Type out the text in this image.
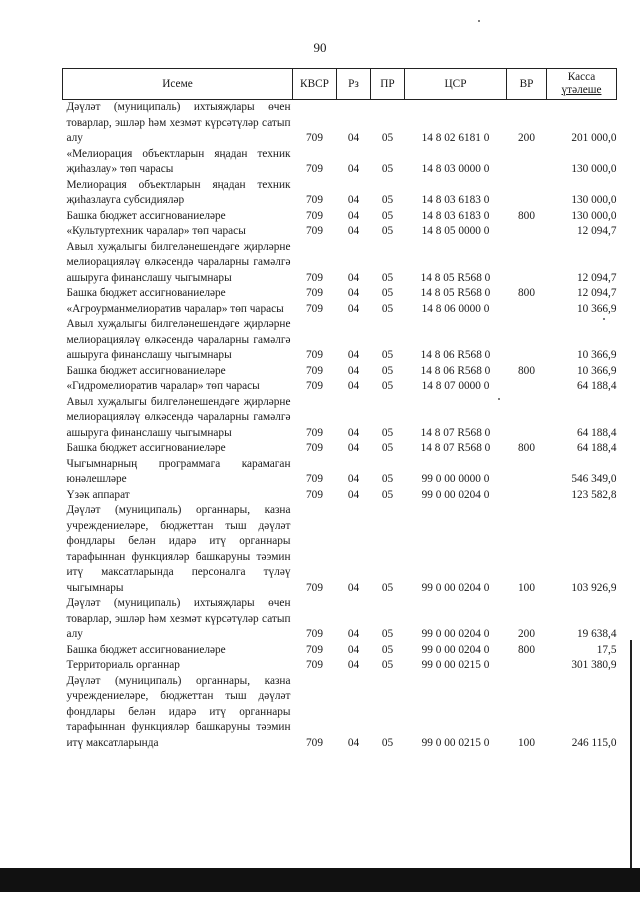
90
Исеме	КВСР	Рз	ПР	ЦСР	ВР	Касса
үтәлеше
Дәүләт (муниципаль) ихтыяҗлары өчен товарлар, эшләр һәм хезмәт күрсәтүләр сатып алу	709	04	05	14 8 02 6181 0	200	201 000,0
«Мелиорация объектларын яңадан техник җиһазлау» төп чарасы	709	04	05	14 8 03 0000 0		130 000,0
Мелиорация объектларын яңадан техник җиһазлауга субсидияләр	709	04	05	14 8 03 6183 0		130 000,0
Башка бюджет ассигнованиеләре	709	04	05	14 8 03 6183 0	800	130 000,0
«Культуртехник чаралар» төп чарасы	709	04	05	14 8 05 0000 0		12 094,7
Авыл хуҗалыгы билгеләнешендәге җирләрне мелиорацияләү өлкәсендә чараларны гамәлгә ашыруга финанслашу чыгымнары	709	04	05	14 8 05 R568 0		12 094,7
Башка бюджет ассигнованиеләре	709	04	05	14 8 05 R568 0	800	12 094,7
«Агроурманмелиоратив чаралар» төп чарасы	709	04	05	14 8 06 0000 0		10 366,9
Авыл хуҗалыгы билгеләнешендәге җирләрне мелиорацияләү өлкәсендә чараларны гамәлгә ашыруга финанслашу чыгымнары	709	04	05	14 8 06 R568 0		10 366,9
Башка бюджет ассигнованиеләре	709	04	05	14 8 06 R568 0	800	10 366,9
«Гидромелиоратив чаралар» төп чарасы	709	04	05	14 8 07 0000 0		64 188,4
Авыл хуҗалыгы билгеләнешендәге җирләрне мелиорацияләү өлкәсендә чараларны гамәлгә ашыруга финанслашу чыгымнары	709	04	05	14 8 07 R568 0		64 188,4
Башка бюджет ассигнованиеләре	709	04	05	14 8 07 R568 0	800	64 188,4
Чыгымнарның программага карамаган юнәлешләре	709	04	05	99 0 00 0000 0		546 349,0
Үзәк аппарат	709	04	05	99 0 00 0204 0		123 582,8
Дәүләт (муниципаль) органнары, казна учреждениеләре, бюджеттан тыш дәүләт фондлары белән идарә итү органнары тарафыннан функцияләр башкаруны тәэмин итү максатларында персоналга түләү чыгымнары	709	04	05	99 0 00 0204 0	100	103 926,9
Дәүләт (муниципаль) ихтыяҗлары өчен товарлар, эшләр һәм хезмәт күрсәтүләр сатып алу	709	04	05	99 0 00 0204 0	200	19 638,4
Башка бюджет ассигнованиеләре	709	04	05	99 0 00 0204 0	800	17,5
Территориаль органнар	709	04	05	99 0 00 0215 0		301 380,9
Дәүләт (муниципаль) органнары, казна учреждениеләре, бюджеттан тыш дәүләт фондлары белән идарә итү органнары тарафыннан функцияләр башкаруны тәэмин итү максатларында	709	04	05	99 0 00 0215 0	100	246 115,0
